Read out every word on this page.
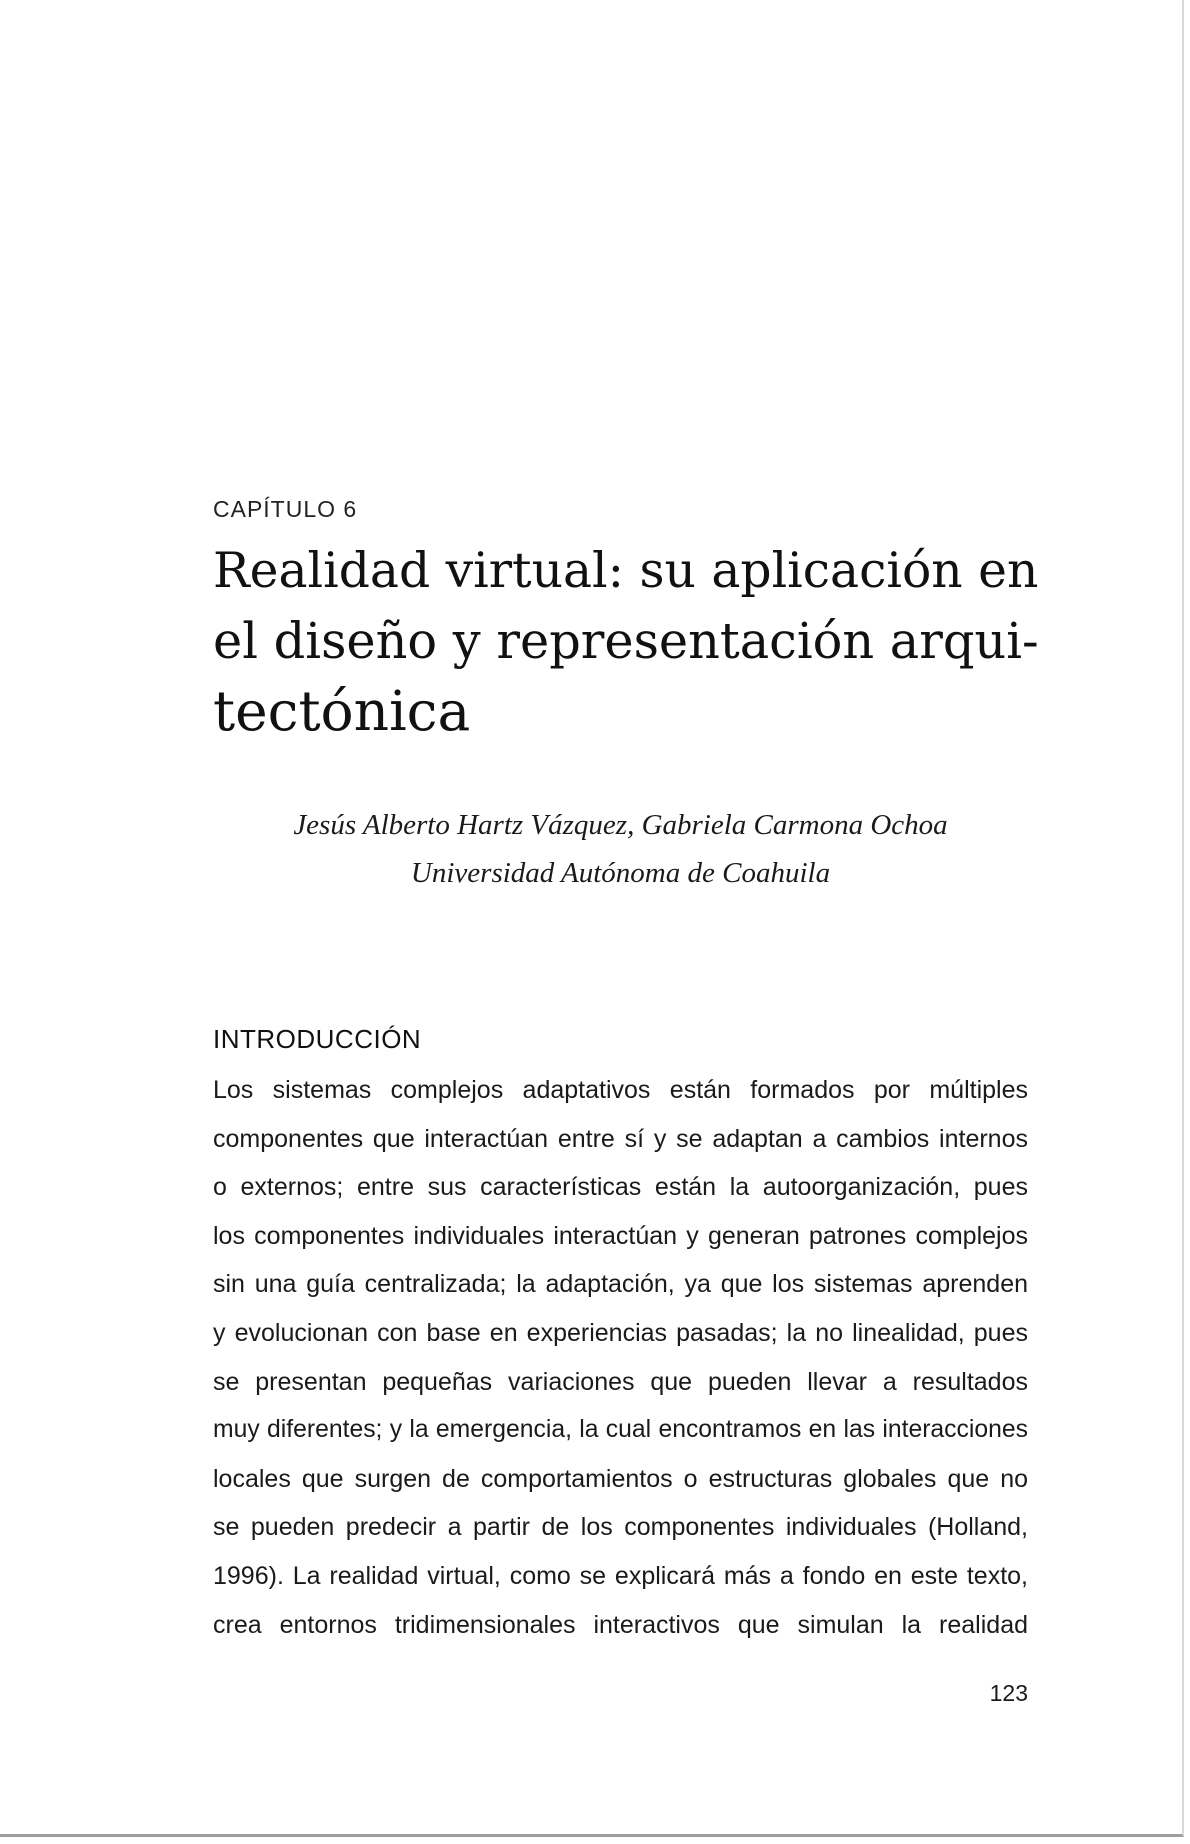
CAPÍTULO 6
Realidad virtual: su aplicación en
el diseño y representación arqui-
tectónica
Jesús Alberto Hartz Vázquez, Gabriela Carmona Ochoa
Universidad Autónoma de Coahuila
INTRODUCCIÓN
Los sistemas complejos adaptativos están formados por múltiples
componentes que interactúan entre sí y se adaptan a cambios internos
o externos; entre sus características están la autoorganización, pues
los componentes individuales interactúan y generan patrones complejos
sin una guía centralizada; la adaptación, ya que los sistemas aprenden
y evolucionan con base en experiencias pasadas; la no linealidad, pues
se presentan pequeñas variaciones que pueden llevar a resultados
muy diferentes; y la emergencia, la cual encontramos en las interacciones
locales que surgen de comportamientos o estructuras globales que no
se pueden predecir a partir de los componentes individuales (Holland,
1996). La realidad virtual, como se explicará más a fondo en este texto,
crea entornos tridimensionales interactivos que simulan la realidad
123
